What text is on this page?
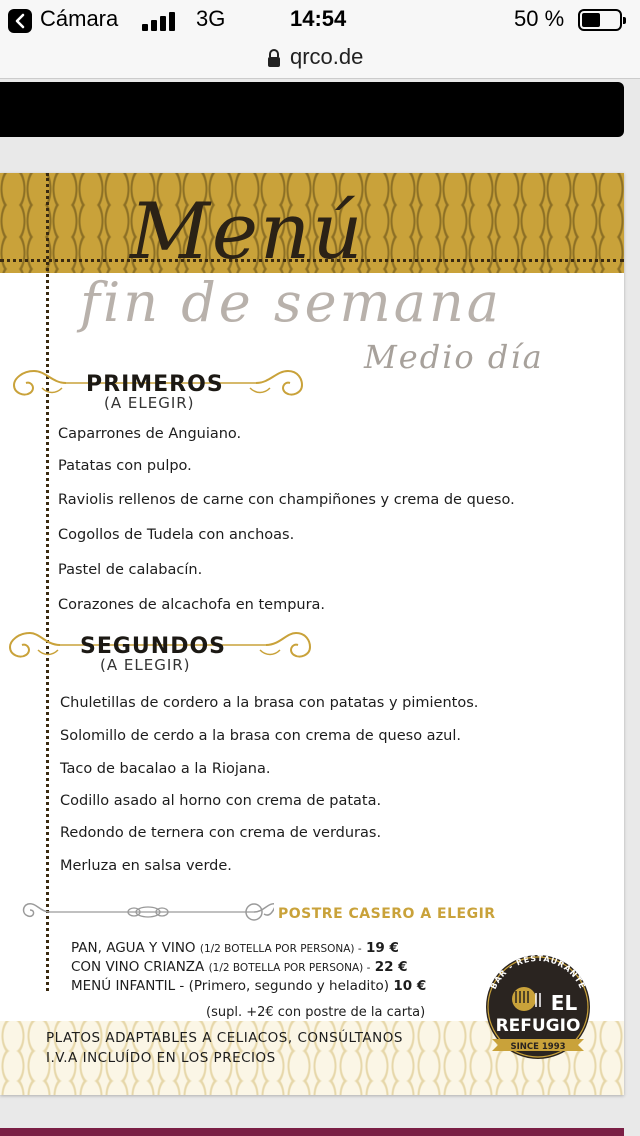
Cámara	3G	14:54	50 %
qrco.de
Menú
fin de semana
Medio día
PRIMEROS
(A ELEGIR)
Caparrones de Anguiano.
Patatas con pulpo.
Raviolis rellenos de carne con champiñones y crema de queso.
Cogollos de Tudela con anchoas.
Pastel de calabacín.
Corazones de alcachofa en tempura.
SEGUNDOS
(A ELEGIR)
Chuletillas de cordero a la brasa con patatas y pimientos.
Solomillo de cerdo a la brasa con crema de queso azul.
Taco de bacalao a la Riojana.
Codillo asado al horno con crema de patata.
Redondo de ternera con crema de verduras.
Merluza en salsa verde.
POSTRE CASERO A ELEGIR
PAN, AGUA Y VINO (1/2 BOTELLA POR PERSONA) - 19 €
CON VINO CRIANZA (1/2 BOTELLA POR PERSONA) - 22 €
MENÚ INFANTIL - (Primero, segundo y heladito) 10 €
(supl. +2€ con postre de la carta)
PLATOS ADAPTABLES A CELIACOS, CONSÚLTANOS
I.V.A INCLUÍDO EN LOS PRECIOS
BAR - RESTAURANTE
EL
REFUGIO
SINCE 1993
